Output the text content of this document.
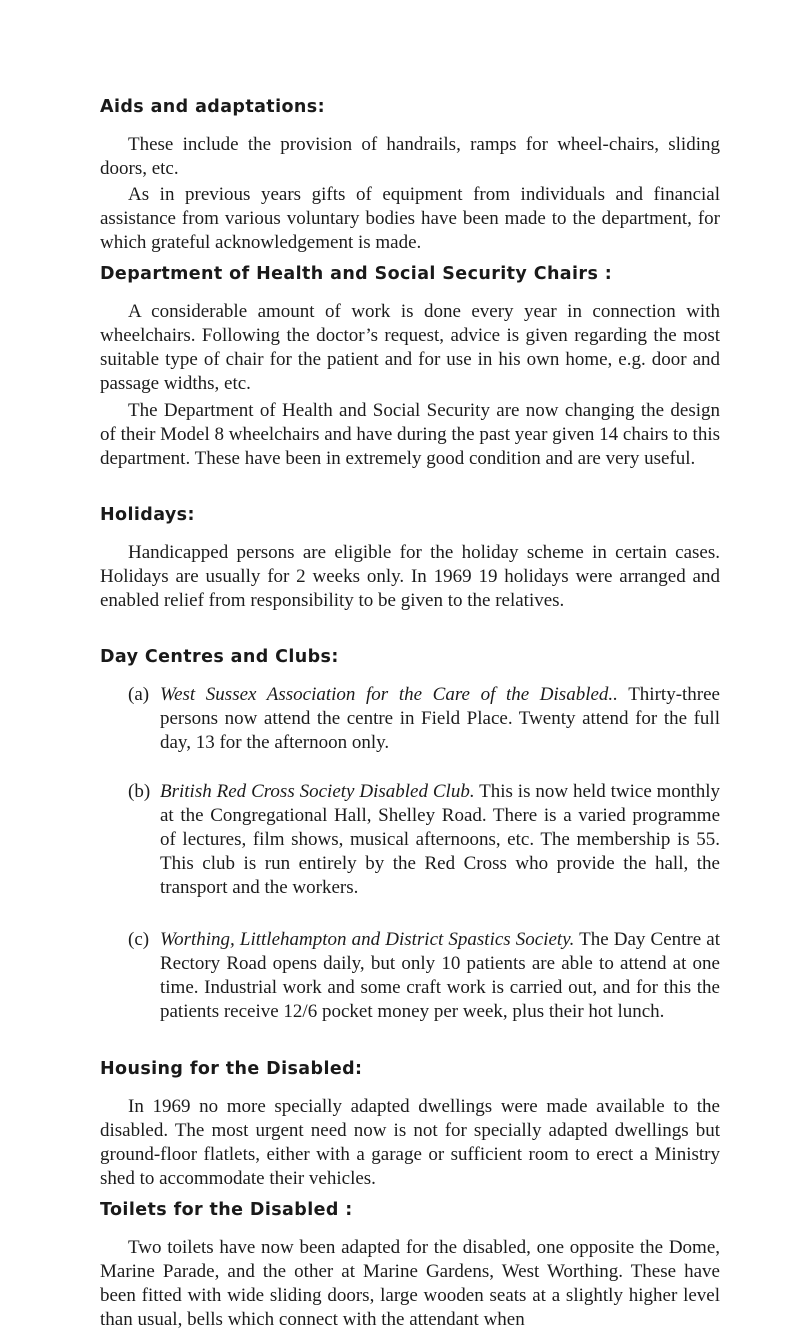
Aids and adaptations:

These include the provision of handrails, ramps for wheel-chairs, sliding doors, etc.

As in previous years gifts of equipment from individuals and financial assistance from various voluntary bodies have been made to the department, for which grateful acknowledgement is made.

Department of Health and Social Security Chairs :

A considerable amount of work is done every year in connection with wheelchairs. Following the doctor’s request, advice is given regarding the most suitable type of chair for the patient and for use in his own home, e.g. door and passage widths, etc.

The Department of Health and Social Security are now changing the design of their Model 8 wheelchairs and have during the past year given 14 chairs to this department. These have been in extremely good condition and are very useful.

Holidays:

Handicapped persons are eligible for the holiday scheme in certain cases. Holidays are usually for 2 weeks only. In 1969 19 holidays were arranged and enabled relief from responsibility to be given to the relatives.

Day Centres and Clubs:
(a) West Sussex Association for the Care of the Disabled.. Thirty-three persons now attend the centre in Field Place. Twenty attend for the full day, 13 for the afternoon only.
(b) British Red Cross Society Disabled Club. This is now held twice monthly at the Congregational Hall, Shelley Road. There is a varied programme of lectures, film shows, musical afternoons, etc. The membership is 55. This club is run entirely by the Red Cross who provide the hall, the transport and the workers.
(c) Worthing, Littlehampton and District Spastics Society. The Day Centre at Rectory Road opens daily, but only 10 patients are able to attend at one time. Industrial work and some craft work is carried out, and for this the patients receive 12/6 pocket money per week, plus their hot lunch.
Housing for the Disabled:

In 1969 no more specially adapted dwellings were made available to the disabled. The most urgent need now is not for specially adapted dwellings but ground-floor flatlets, either with a garage or sufficient room to erect a Ministry shed to accommodate their vehicles.

Toilets for the Disabled :

Two toilets have now been adapted for the disabled, one opposite the Dome, Marine Parade, and the other at Marine Gardens, West Worthing. These have been fitted with wide sliding doors, large wooden seats at a slightly higher level than usual, bells which connect with the attendant when
